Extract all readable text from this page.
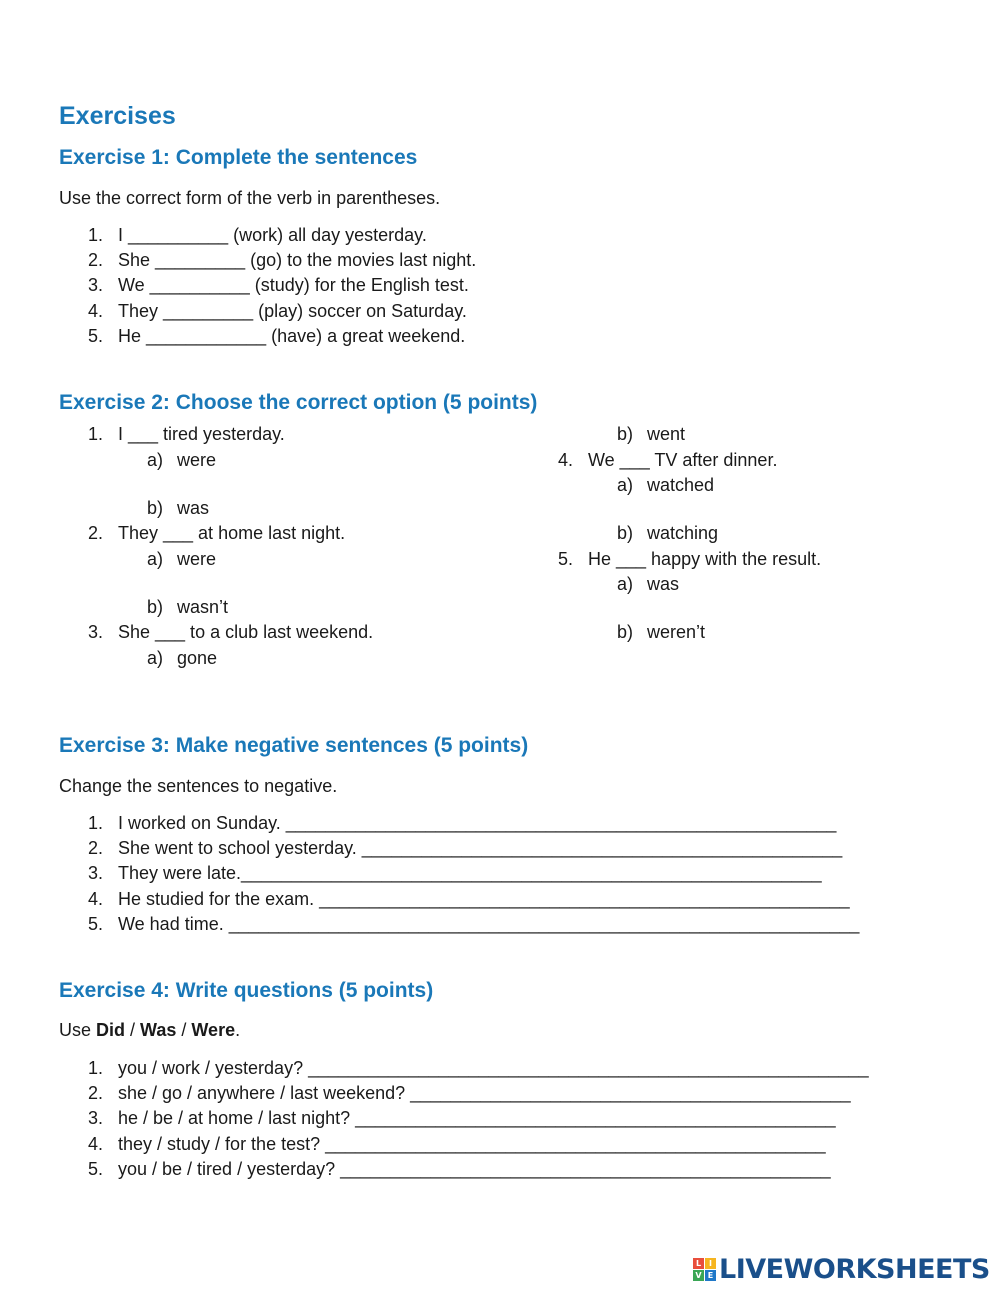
Exercises
Exercise 1: Complete the sentences
Use the correct form of the verb in parentheses.
1. I __________ (work) all day yesterday.
2. She _________ (go) to the movies last night.
3. We __________ (study) for the English test.
4. They _________ (play) soccer on Saturday.
5. He ____________ (have) a great weekend.
Exercise 2: Choose the correct option (5 points)
1. I ___ tired yesterday.
a) were
b) was
2. They ___ at home last night.
a) were
b) wasn’t
3. She ___ to a club last weekend.
a) gone
b) went
4. We ___ TV after dinner.
a) watched
b) watching
5. He ___ happy with the result.
a) was
b) weren’t
Exercise 3: Make negative sentences (5 points)
Change the sentences to negative.
1. I worked on Sunday. _______________________________________________________
2. She went to school yesterday. ________________________________________________
3. They were late.__________________________________________________________
4. He studied for the exam. _____________________________________________________
5. We had time. _______________________________________________________________
Exercise 4: Write questions (5 points)
Use Did / Was / Were.
1. you / work / yesterday? ________________________________________________________
2. she / go / anywhere / last weekend? ____________________________________________
3. he / be / at home / last night? ________________________________________________
4. they / study / for the test? __________________________________________________
5. you / be / tired / yesterday? _________________________________________________
L I
V E LIVEWORKSHEETS
